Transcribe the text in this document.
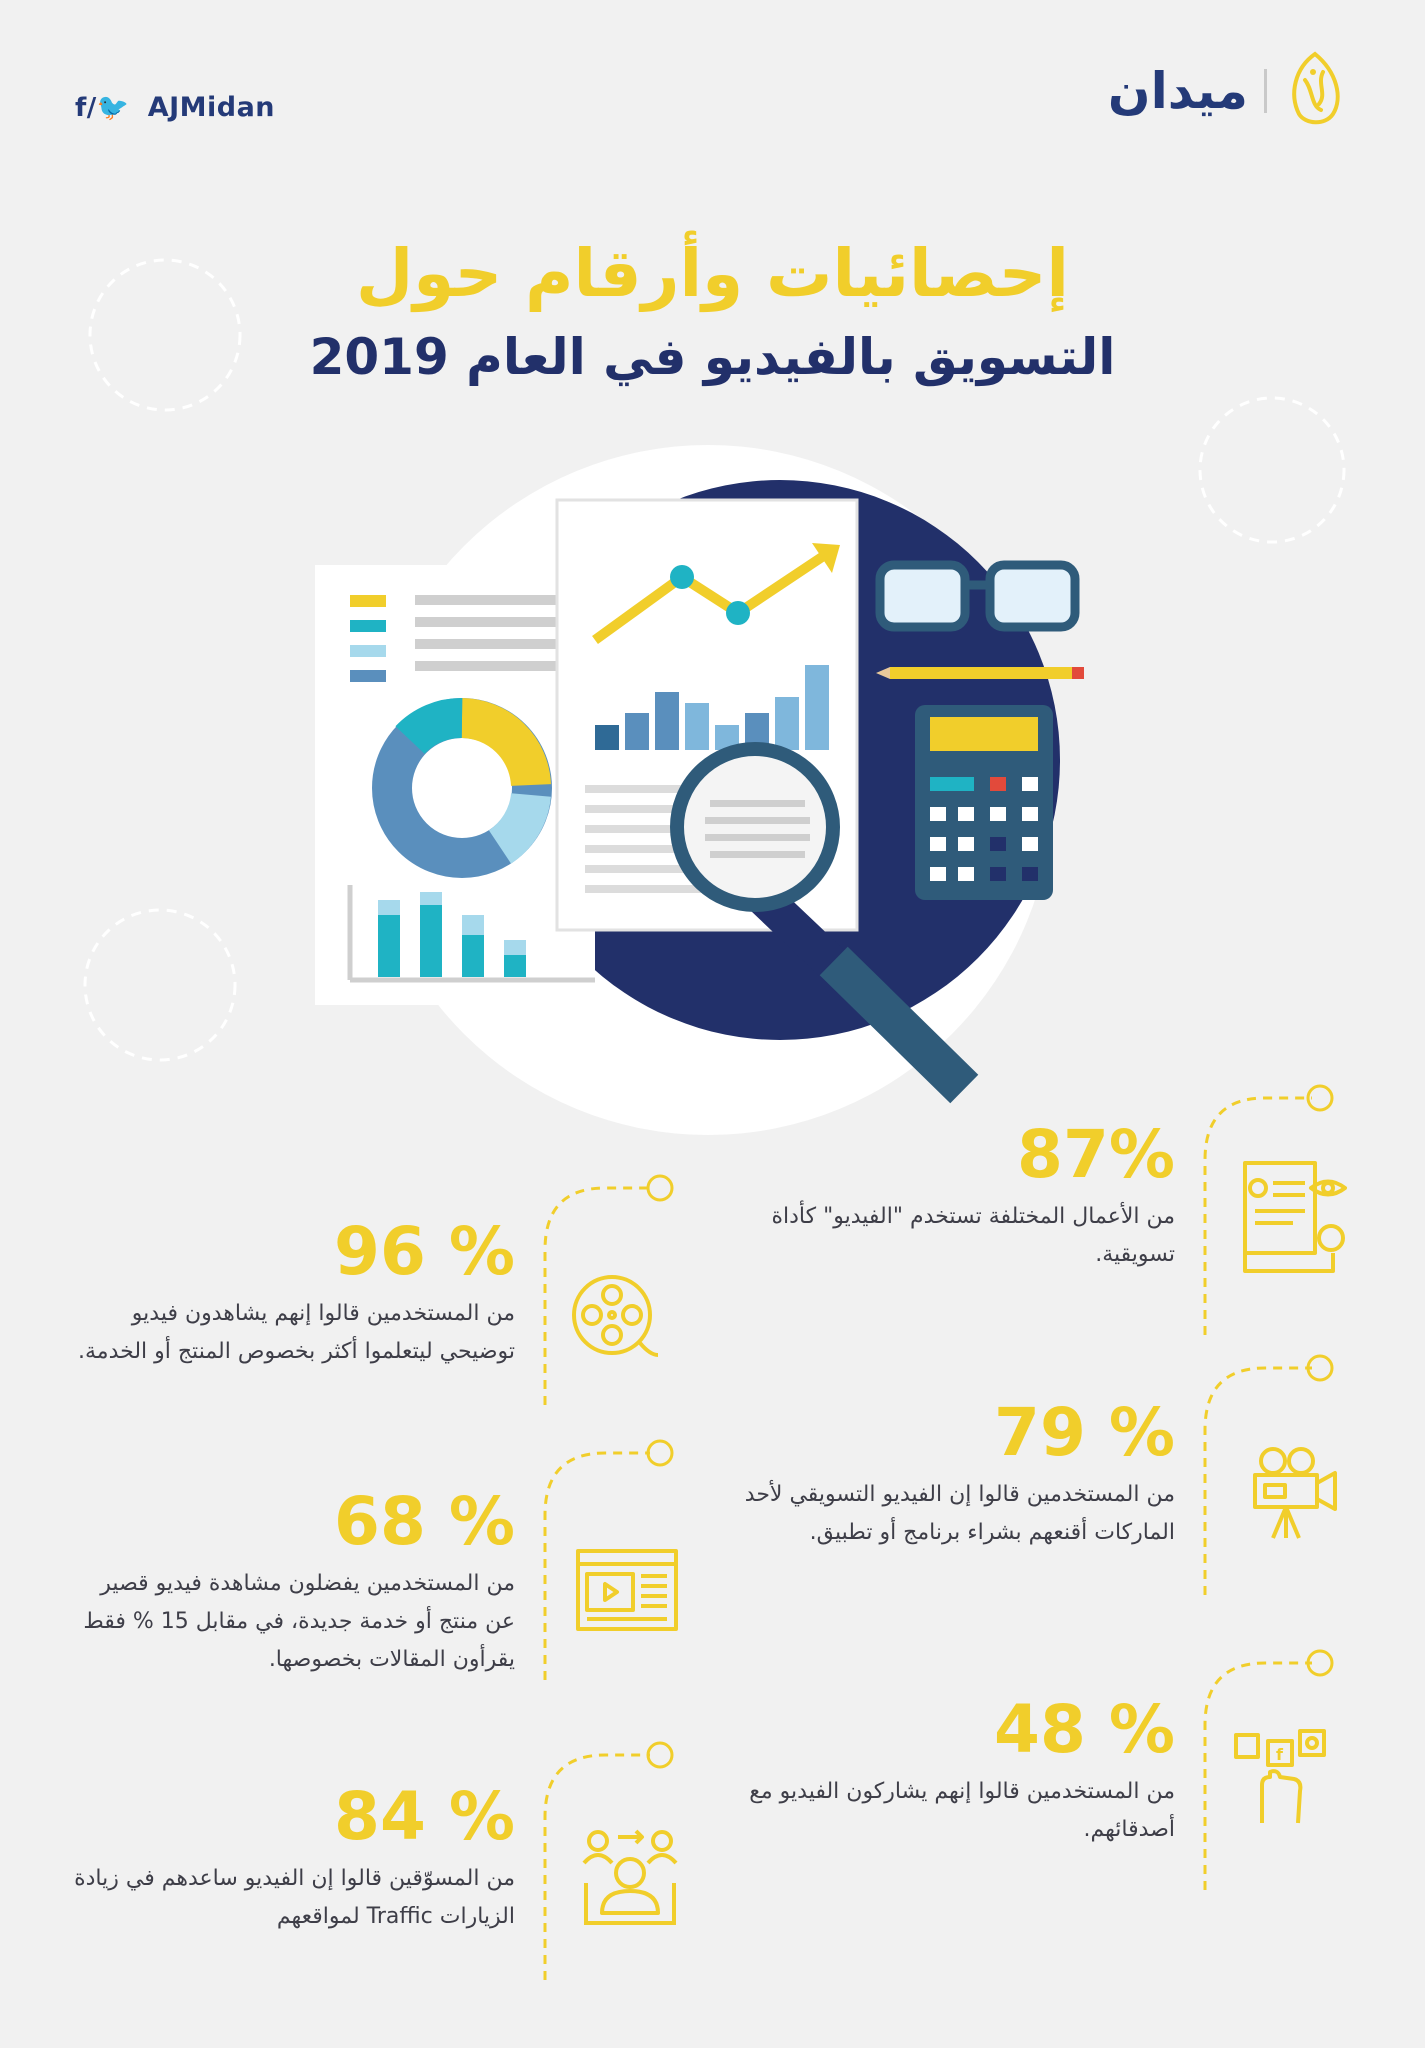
f/🐦 AJMidan	ميدان
إحصائيات وأرقام حول
التسويق بالفيديو في العام 2019
f
87%
من الأعمال المختلفة تستخدم "الفيديو" كأداة تسويقية.
79 %
من المستخدمين قالوا إن الفيديو التسويقي لأحد الماركات أقنعهم بشراء برنامج أو تطبيق.
48 %
من المستخدمين قالوا إنهم يشاركون الفيديو مع أصدقائهم.
96 %
من المستخدمين قالوا إنهم يشاهدون فيديو توضيحي ليتعلموا أكثر بخصوص المنتج أو الخدمة.
68 %
من المستخدمين يفضلون مشاهدة فيديو قصير عن منتج أو خدمة جديدة، في مقابل 15 % فقط يقرأون المقالات بخصوصها.
84 %
من المسوّقين قالوا إن الفيديو ساعدهم في زيادة الزيارات Traffic لمواقعهم
